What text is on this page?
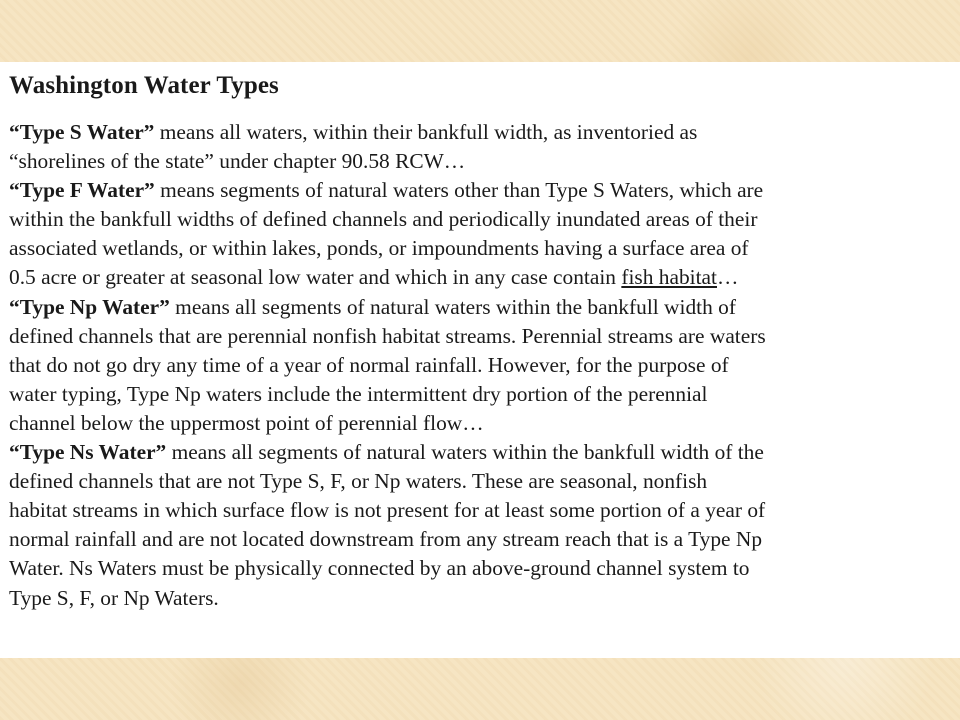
Washington Water Types

“Type S Water” means all waters, within their bankfull width, as inventoried as
“shorelines of the state” under chapter 90.58 RCW…

“Type F Water” means segments of natural waters other than Type S Waters, which are
within the bankfull widths of defined channels and periodically inundated areas of their
associated wetlands, or within lakes, ponds, or impoundments having a surface area of
0.5 acre or greater at seasonal low water and which in any case contain fish habitat…

“Type Np Water” means all segments of natural waters within the bankfull width of
defined channels that are perennial nonfish habitat streams. Perennial streams are waters
that do not go dry any time of a year of normal rainfall. However, for the purpose of
water typing, Type Np waters include the intermittent dry portion of the perennial
channel below the uppermost point of perennial flow…

“Type Ns Water” means all segments of natural waters within the bankfull width of the
defined channels that are not Type S, F, or Np waters. These are seasonal, nonfish
habitat streams in which surface flow is not present for at least some portion of a year of
normal rainfall and are not located downstream from any stream reach that is a Type Np
Water. Ns Waters must be physically connected by an above-ground channel system to
Type S, F, or Np Waters.
